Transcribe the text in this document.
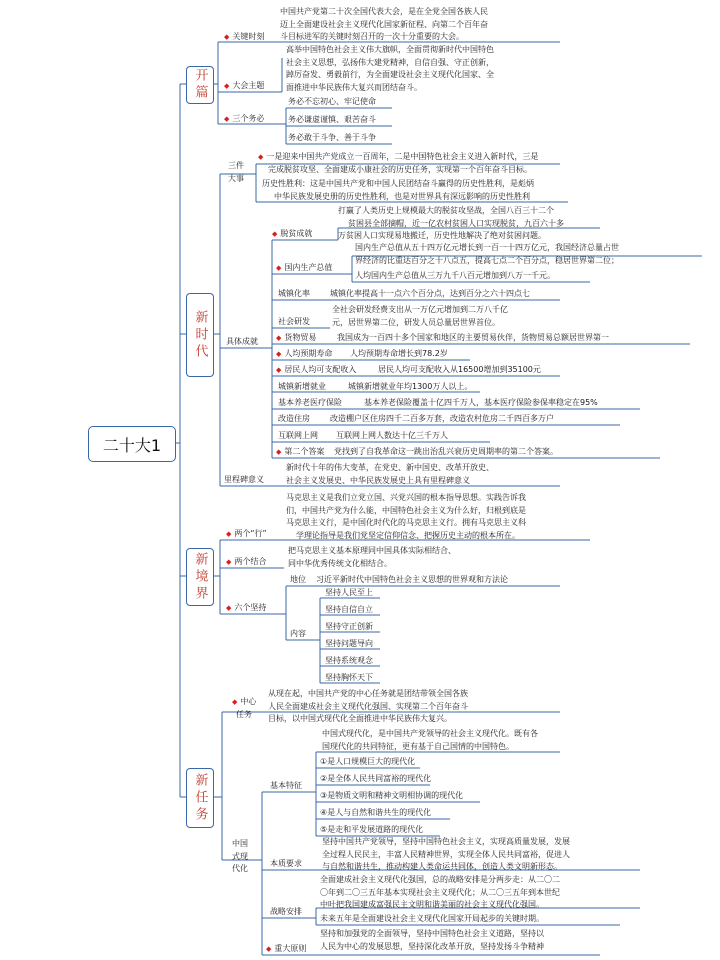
二十大1
开篇
新时代
新境界
新任务
◆ 关键时刻
中国共产党第二十次全国代表大会，是在全党全国各族人民
迈上全面建设社会主义现代化国家新征程、向第二个百年奋
斗目标进军的关键时刻召开的一次十分重要的大会。
◆ 大会主题
高举中国特色社会主义伟大旗帜，全面贯彻新时代中国特色
社会主义思想，弘扬伟大建党精神，自信自强、守正创新，
踔厉奋发、勇毅前行，为全面建设社会主义现代化国家、全
面推进中华民族伟大复兴而团结奋斗。
◆ 三个务必
务必不忘初心、牢记使命
务必谦虚谨慎、艰苦奋斗
务必敢于斗争、善于斗争
三件
大事
◆ 一是迎来中国共产党成立一百周年，二是中国特色社会主义进入新时代，三是
完成脱贫攻坚、全面建成小康社会的历史任务，实现第一个百年奋斗目标。
历史性胜利：这是中国共产党和中国人民团结奋斗赢得的历史性胜利，是彪炳
中华民族发展史册的历史性胜利，也是对世界具有深远影响的历史性胜利
具体成就
◆ 脱贫成就
打赢了人类历史上规模最大的脱贫攻坚战，全国八百三十二个
贫困县全部摘帽，近一亿农村贫困人口实现脱贫，九百六十多
万贫困人口实现易地搬迁，历史性地解决了绝对贫困问题。
◆ 国内生产总值
国内生产总值从五十四万亿元增长到一百一十四万亿元，我国经济总量占世
界经济的比重达百分之十八点五，提高七点二个百分点，稳居世界第二位；
人均国内生产总值从三万九千八百元增加到八万一千元。
城镇化率	城镇化率提高十一点六个百分点，达到百分之六十四点七
社会研发
全社会研发经费支出从一万亿元增加到二万八千亿
元，居世界第二位，研发人员总量居世界首位。
◆ 货物贸易	我国成为一百四十多个国家和地区的主要贸易伙伴，货物贸易总额居世界第一
◆ 人均预期寿命 人均预期寿命增长到78.2岁
◆ 居民人均可支配收入	居民人均可支配收入从16500增加到35100元
城镇新增就业	城镇新增就业年均1300万人以上。
基本养老医疗保险	基本养老保险覆盖十亿四千万人，基本医疗保险参保率稳定在95%
改造住房	改造棚户区住房四千二百多万套，改造农村危房二千四百多万户
互联网上网 互联网上网人数达十亿三千万人
◆ 第二个答案 党找到了自我革命这一跳出治乱兴衰历史周期率的第二个答案。
里程碑意义
新时代十年的伟大变革，在党史、新中国史、改革开放史、
社会主义发展史、中华民族发展史上具有里程碑意义
◆ 两个“行”
马克思主义是我们立党立国、兴党兴国的根本指导思想。实践告诉我
们，中国共产党为什么能，中国特色社会主义为什么好，归根到底是
马克思主义行，是中国化时代化的马克思主义行。拥有马克思主义科
学理论指导是我们党坚定信仰信念、把握历史主动的根本所在。
◆ 两个结合
把马克思主义基本原理同中国具体实际相结合、
同中华优秀传统文化相结合。
◆ 六个坚持
地位 习近平新时代中国特色社会主义思想的世界观和方法论
内容
坚持人民至上
坚持自信自立
坚持守正创新
坚持问题导向
坚持系统观念
坚持胸怀天下
◆ 中心
任务
从现在起，中国共产党的中心任务就是团结带领全国各族
人民全面建成社会主义现代化强国、实现第二个百年奋斗
目标，以中国式现代化全面推进中华民族伟大复兴。
中国
式现
代化
基本特征
中国式现代化，是中国共产党领导的社会主义现代化。既有各
国现代化的共同特征，更有基于自己国情的中国特色。
①是人口规模巨大的现代化
②是全体人民共同富裕的现代化
③是物质文明和精神文明相协调的现代化
④是人与自然和谐共生的现代化
⑤是走和平发展道路的现代化
本质要求
坚持中国共产党领导，坚持中国特色社会主义，实现高质量发展，发展
全过程人民民主，丰富人民精神世界，实现全体人民共同富裕，促进人
与自然和谐共生，推动构建人类命运共同体，创造人类文明新形态。
战略安排
全面建成社会主义现代化强国，总的战略安排是分两步走：从二〇二
〇年到二〇三五年基本实现社会主义现代化；从二〇三五年到本世纪
中叶把我国建成富强民主文明和谐美丽的社会主义现代化强国。
未来五年是全面建设社会主义现代化国家开局起步的关键时期。
◆ 重大原则
坚持和加强党的全面领导，坚持中国特色社会主义道路，坚持以
人民为中心的发展思想，坚持深化改革开放，坚持发扬斗争精神
